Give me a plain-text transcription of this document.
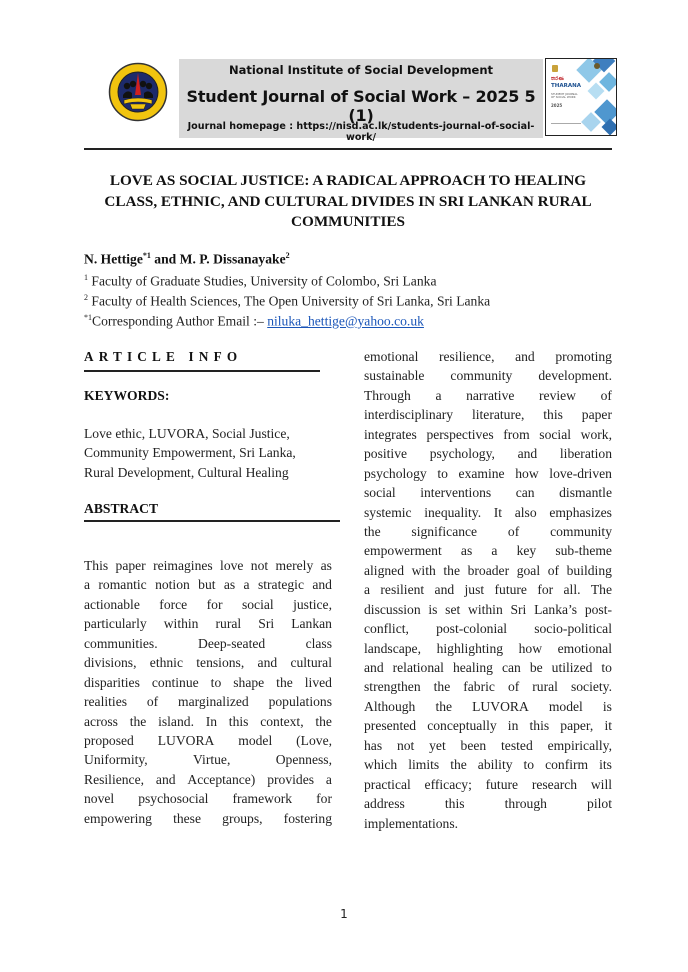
National Institute of Social Development
Student Journal of Social Work – 2025 5 (1)
Journal homepage : https://nisd.ac.lk/students-journal-of-social-work/
තරණ
THARANA
STUDENT JOURNAL OF SOCIAL WORK
2025
LOVE AS SOCIAL JUSTICE: A RADICAL APPROACH TO HEALING CLASS, ETHNIC, AND CULTURAL DIVIDES IN SRI LANKAN RURAL COMMUNITIES
N. Hettige$^{*1}$ and M. P. Dissanayake$^2$
$^1$ Faculty of Graduate Studies, University of Colombo, Sri Lanka
$^2$ Faculty of Health Sciences, The Open University of Sri Lanka, Sri Lanka
$^{*1}$Corresponding Author Email :– niluka_hettige@yahoo.co.uk
ARTICLE INFO
KEYWORDS:
Love ethic, LUVORA, Social Justice,
Community Empowerment, Sri Lanka,
Rural Development, Cultural Healing
ABSTRACT
This paper reimagines love not merely as
a romantic notion but as a strategic and
actionable force for social justice,
particularly within rural Sri Lankan
communities.	Deep-seated	class
divisions, ethnic tensions, and cultural
disparities continue to shape the lived
realities of marginalized populations
across the island. In this context, the
proposed LUVORA model (Love,
Uniformity,	Virtue,	Openness,
Resilience, and Acceptance) provides a
novel psychosocial framework for
empowering these groups, fostering
emotional resilience, and promoting
sustainable community development.
Through a narrative review of
interdisciplinary literature, this paper
integrates perspectives from social work,
positive psychology, and liberation
psychology to examine how love-driven
social interventions can dismantle
systemic inequality. It also emphasizes
the significance of community
empowerment as a key sub-theme
aligned with the broader goal of building
a resilient and just future for all. The
discussion is set within Sri Lanka’s post-
conflict, post-colonial socio-political
landscape, highlighting how emotional
and relational healing can be utilized to
strengthen the fabric of rural society.
Although the LUVORA model is
presented conceptually in this paper, it
has not yet been tested empirically,
which limits the ability to confirm its
practical efficacy; future research will
address	this	through	pilot
implementations.
1
